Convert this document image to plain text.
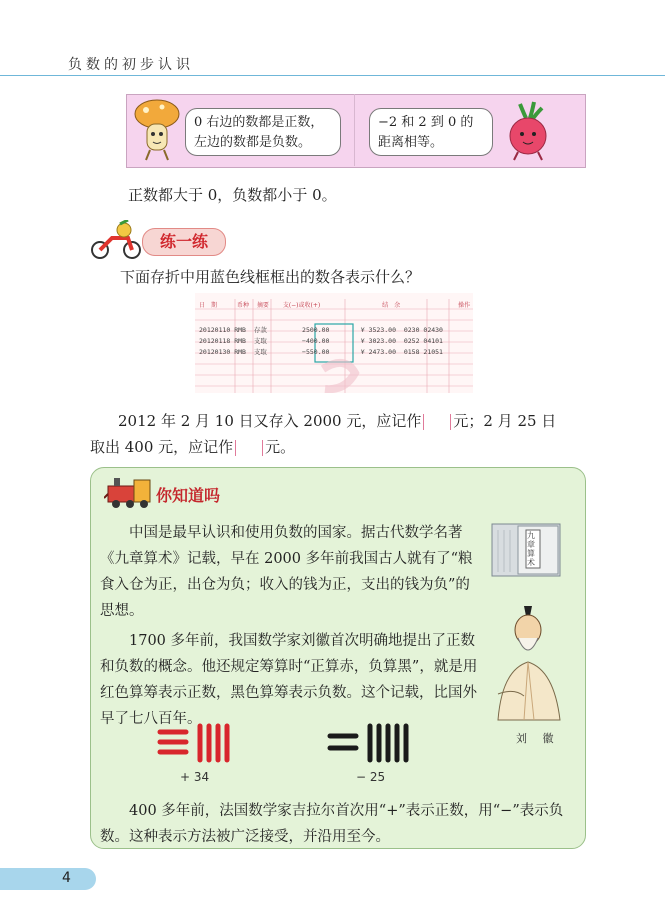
负数的初步认识
0 右边的数都是正数，左边的数都是负数。
−2 和 2 到 0 的距离相等。
正数都大于 0，负数都小于 0。
练一练
下面存折中用蓝色线框框出的数各表示什么？
日　期	币种 摘要 支(−)或收(+)	结　余	操作
20120110 RMB 存款	2500.00	¥ 3523.00 0230 02430
20120118 RMB 支取	−400.00	¥ 3023.00 0252 04101
20120130 RMB 支取	−550.00	¥ 2473.00 0158 21051
2012 年 2 月 10 日又存入 2000 元，应记作 元；2 月 25 日
取出 400 元，应记作 元。
你知道吗
中国是最早认识和使用负数的国家。据古代数学名著《九章算术》记载，早在 2000 多年前我国古人就有了“粮食入仓为正，出仓为负；收入的钱为正，支出的钱为负”的思想。
1700 多年前，我国数学家刘徽首次明确地提出了正数和负数的概念。他还规定筹算时“正算赤，负算黑”，就是用红色算筹表示正数，黑色算筹表示负数。这个记载，比国外早了七八百年。
九章算术
刘 徽
+ 34	− 25
400 多年前，法国数学家吉拉尔首次用“+”表示正数，用“−”表示负数。这种表示方法被广泛接受，并沿用至今。
4
